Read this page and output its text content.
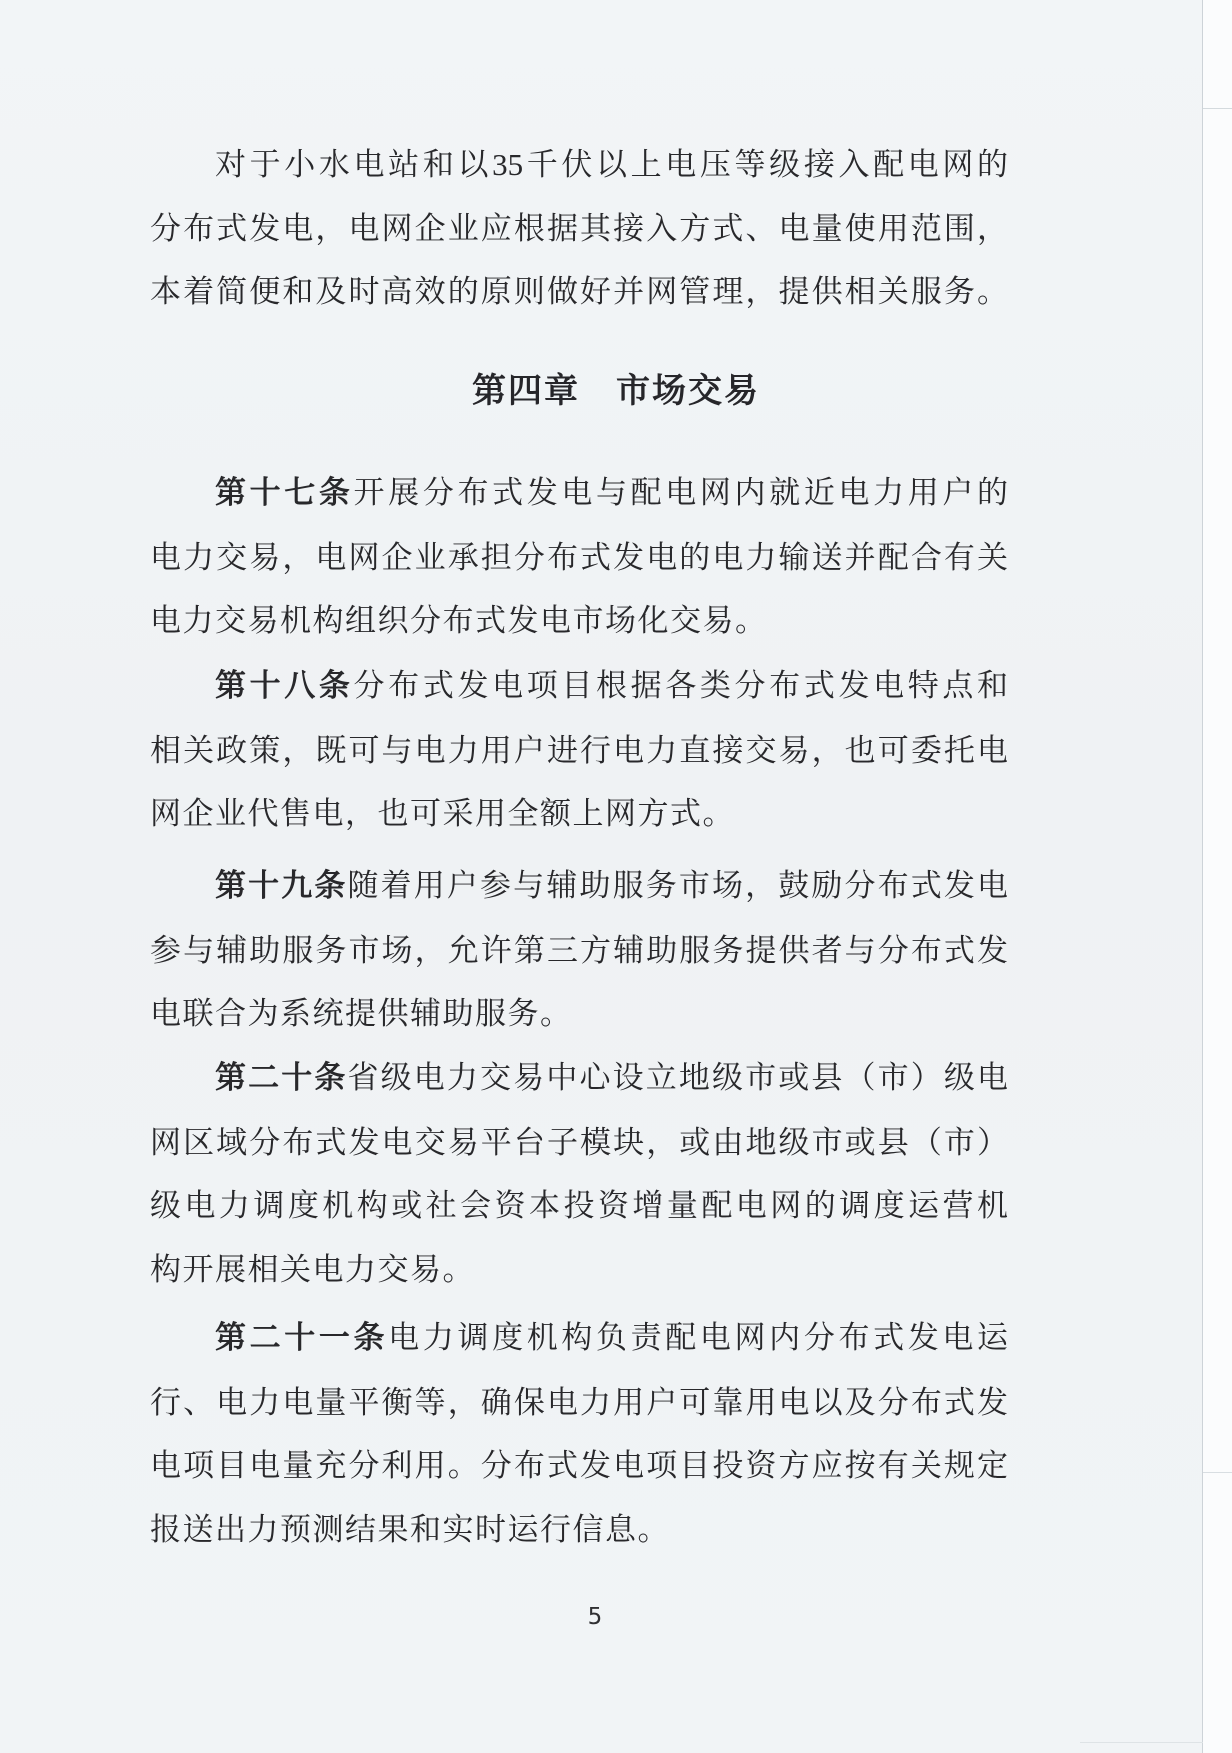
对于小水电站和以35千伏以上电压等级接入配电网的
分布式发电，电网企业应根据其接入方式、电量使用范围，
本着简便和及时高效的原则做好并网管理，提供相关服务。
第四章　市场交易
第十七条开展分布式发电与配电网内就近电力用户的
电力交易，电网企业承担分布式发电的电力输送并配合有关
电力交易机构组织分布式发电市场化交易。
第十八条分布式发电项目根据各类分布式发电特点和
相关政策，既可与电力用户进行电力直接交易，也可委托电
网企业代售电，也可采用全额上网方式。
第十九条随着用户参与辅助服务市场，鼓励分布式发电
参与辅助服务市场，允许第三方辅助服务提供者与分布式发
电联合为系统提供辅助服务。
第二十条省级电力交易中心设立地级市或县（市）级电
网区域分布式发电交易平台子模块，或由地级市或县（市）
级电力调度机构或社会资本投资增量配电网的调度运营机
构开展相关电力交易。
第二十一条电力调度机构负责配电网内分布式发电运
行、电力电量平衡等，确保电力用户可靠用电以及分布式发
电项目电量充分利用。分布式发电项目投资方应按有关规定
报送出力预测结果和实时运行信息。
5
